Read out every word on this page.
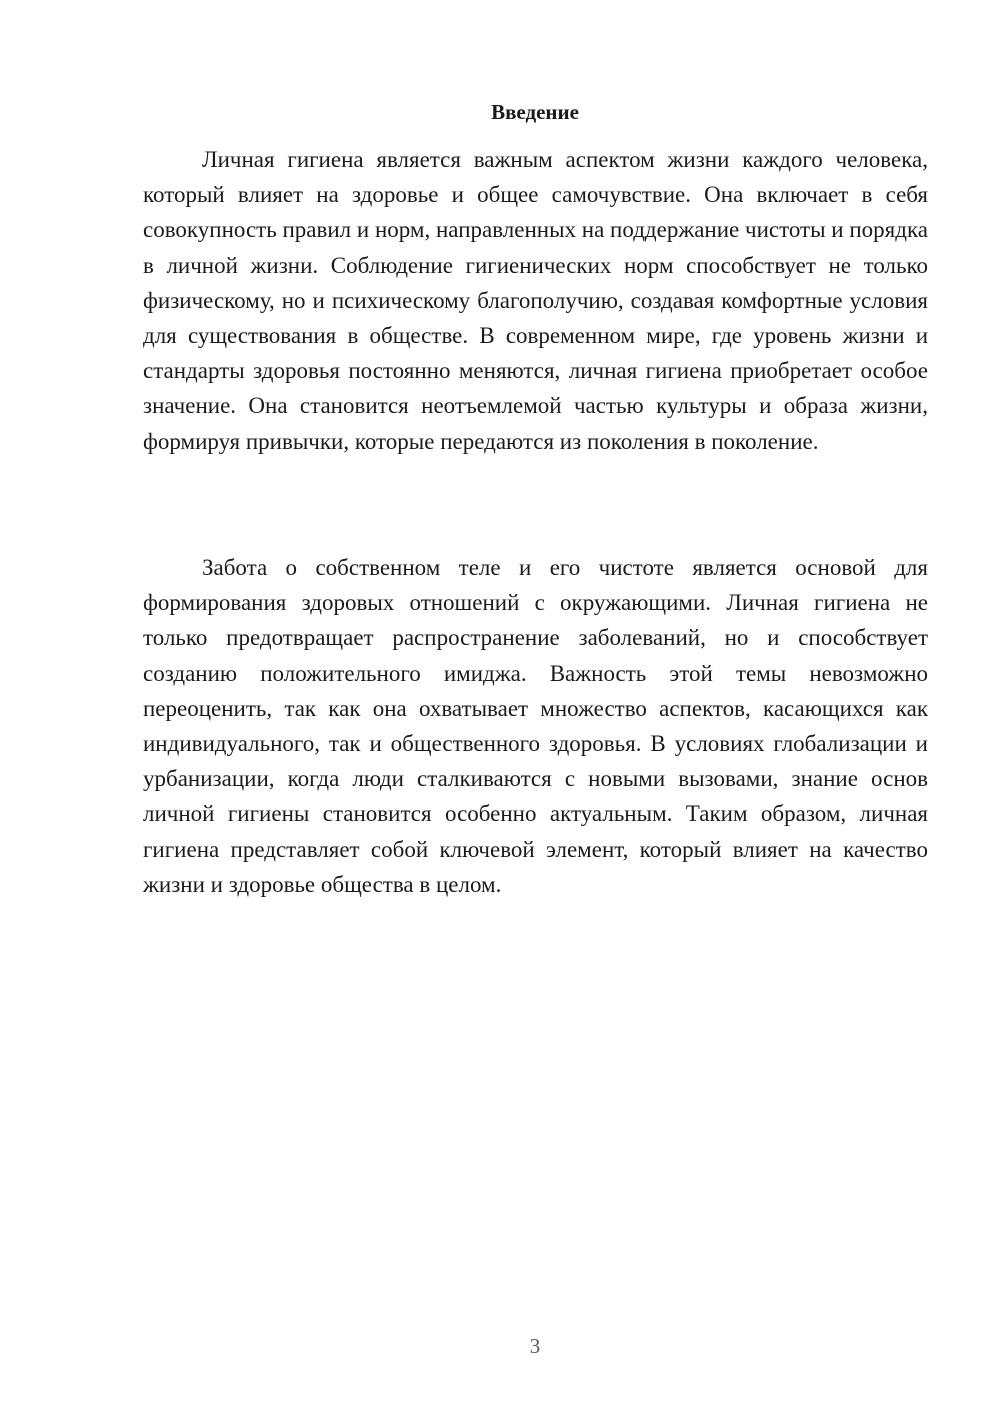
Введение

Личная гигиена является важным аспектом жизни каждого человека, который влияет на здоровье и общее самочувствие. Она включает в себя совокупность правил и норм, направленных на поддержание чистоты и порядка в личной жизни. Соблюдение гигиенических норм способствует не только физическому, но и психическому благополучию, создавая комфортные условия для существования в обществе. В современном мире, где уровень жизни и стандарты здоровья постоянно меняются, личная гигиена приобретает особое значение. Она становится неотъемлемой частью культуры и образа жизни, формируя привычки, которые передаются из поколения в поколение.

Забота о собственном теле и его чистоте является основой для формирования здоровых отношений с окружающими. Личная гигиена не только предотвращает распространение заболеваний, но и способствует созданию положительного имиджа. Важность этой темы невозможно переоценить, так как она охватывает множество аспектов, касающихся как индивидуального, так и общественного здоровья. В условиях глобализации и урбанизации, когда люди сталкиваются с новыми вызовами, знание основ личной гигиены становится особенно актуальным. Таким образом, личная гигиена представляет собой ключевой элемент, который влияет на качество жизни и здоровье общества в целом.

3
